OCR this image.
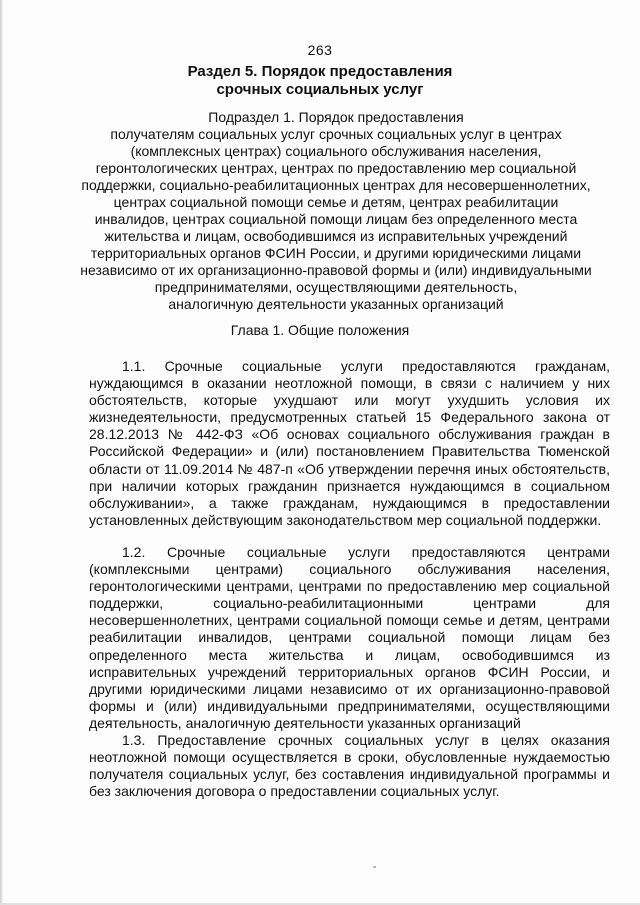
263
Раздел 5. Порядок предоставления
срочных социальных услуг
Подраздел 1. Порядок предоставления
получателям социальных услуг срочных социальных услуг в центрах
(комплексных центрах) социального обслуживания населения,
геронтологических центрах, центрах по предоставлению мер социальной
поддержки, социально-реабилитационных центрах для несовершеннолетних,
центрах социальной помощи семье и детям, центрах реабилитации
инвалидов, центрах социальной помощи лицам без определенного места
жительства и лицам, освободившимся из исправительных учреждений
территориальных органов ФСИН России, и другими юридическими лицами
независимо от их организационно-правовой формы и (или) индивидуальными
предпринимателями, осуществляющими деятельность,
аналогичную деятельности указанных организаций
Глава 1. Общие положения

1.1. Срочные социальные услуги предоставляются гражданам, нуждающимся в оказании неотложной помощи, в связи с наличием у них обстоятельств, которые ухудшают или могут ухудшить условия их жизнедеятельности, предусмотренных статьей 15 Федерального закона от 28.12.2013 № 442-ФЗ «Об основах социального обслуживания граждан в Российской Федерации» и (или) постановлением Правительства Тюменской области от 11.09.2014 № 487-п «Об утверждении перечня иных обстоятельств, при наличии которых гражданин признается нуждающимся в социальном обслуживании», а также гражданам, нуждающимся в предоставлении установленных действующим законодательством мер социальной поддержки.

1.2. Срочные социальные услуги предоставляются центрами (комплексными центрами) социального обслуживания населения, геронтологическими центрами, центрами по предоставлению мер социальной поддержки, социально-реабилитационными центрами для несовершеннолетних, центрами социальной помощи семье и детям, центрами реабилитации инвалидов, центрами социальной помощи лицам без определенного места жительства и лицам, освободившимся из исправительных учреждений территориальных органов ФСИН России, и другими юридическими лицами независимо от их организационно-правовой формы и (или) индивидуальными предпринимателями, осуществляющими деятельность, аналогичную деятельности указанных организаций

1.3. Предоставление срочных социальных услуг в целях оказания неотложной помощи осуществляется в сроки, обусловленные нуждаемостью получателя социальных услуг, без составления индивидуальной программы и без заключения договора о предоставлении социальных услуг.
